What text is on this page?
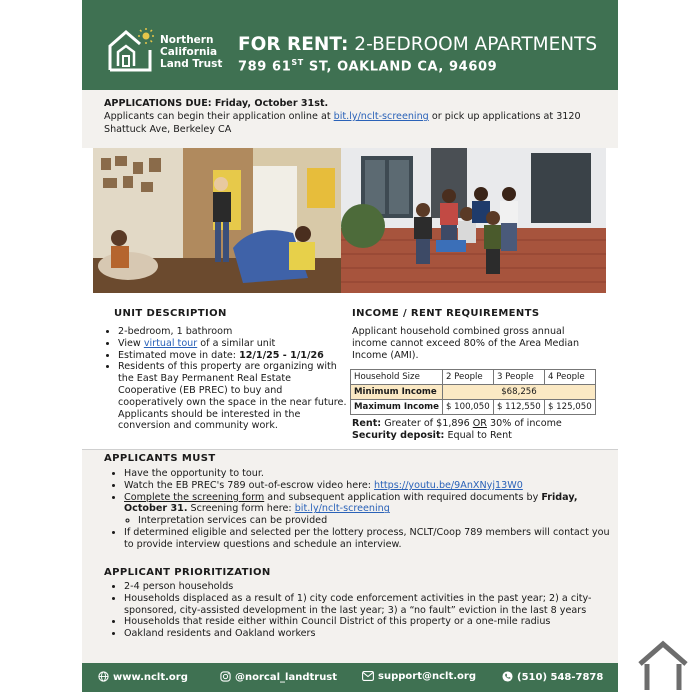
Northern
California
Land Trust
FOR RENT: 2-BEDROOM APARTMENTS
789 61ST ST, OAKLAND CA, 94609
APPLICATIONS DUE: Friday, October 31st.
Applicants can begin their application online at bit.ly/nclt-screening or pick up applications at 3120 Shattuck Ave, Berkeley CA
UNIT DESCRIPTION
• 2-bedroom, 1 bathroom
• View virtual tour of a similar unit
• Estimated move in date: 12/1/25 - 1/1/26
• Residents of this property are organizing with the East Bay Permanent Real Estate Cooperative (EB PREC) to buy and cooperatively own the space in the near future. Applicants should be interested in the conversion and community work.
INCOME / RENT REQUIREMENTS
Applicant household combined gross annual income cannot exceed 80% of the Area Median Income (AMI).
Household Size	2 People	3 People	4 People
Minimum Income	$68,256		
Maximum Income	$ 100,050	$ 112,550	$ 125,050
Rent: Greater of $1,896 OR 30% of income
Security deposit: Equal to Rent
APPLICANTS MUST
• Have the opportunity to tour.
• Watch the EB PREC's 789 out-of-escrow video here: https://youtu.be/9AnXNyj13W0
• Complete the screening form and subsequent application with required documents by Friday, October 31. Screening form here: bit.ly/nclt-screening
◦ Interpretation services can be provided
• If determined eligible and selected per the lottery process, NCLT/Coop 789 members will contact you to provide interview questions and schedule an interview.
APPLICANT PRIORITIZATION
• 2-4 person households
• Households displaced as a result of 1) city code enforcement activities in the past year; 2) a city-sponsored, city-assisted development in the last year; 3) a “no fault” eviction in the last 8 years
• Households that reside either within Council District of this property or a one-mile radius
• Oakland residents and Oakland workers
www.nclt.org	@norcal_landtrust	support@nclt.org	(510) 548-7878
